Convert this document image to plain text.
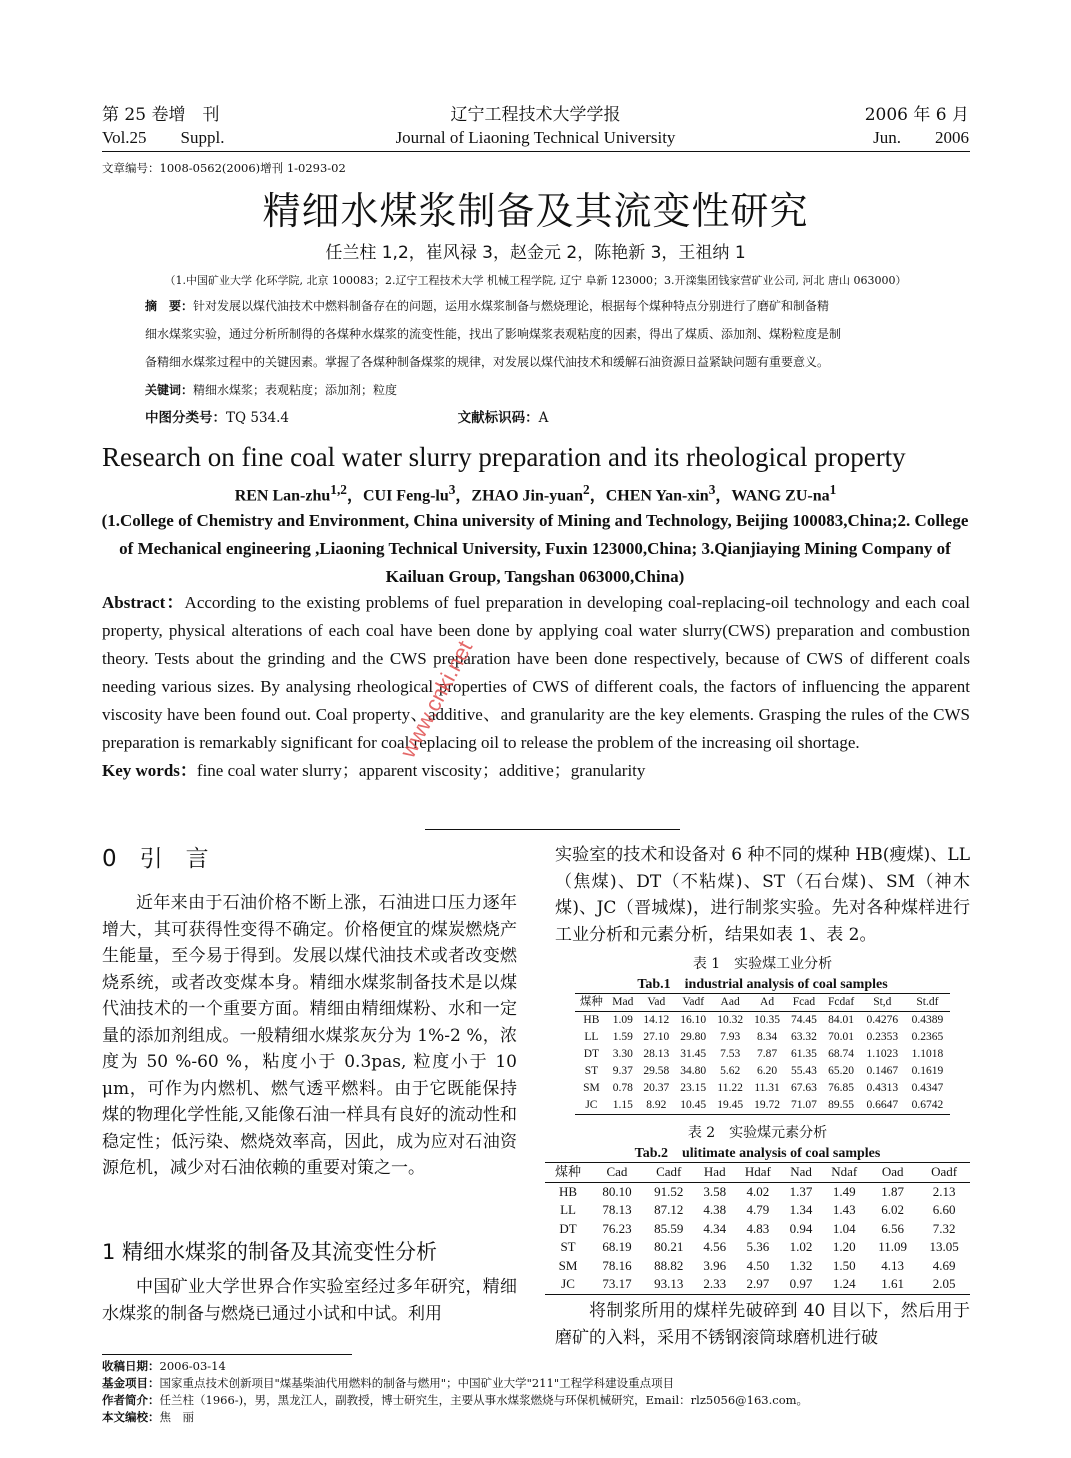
第 25 卷增　刊	辽宁工程技术大学学报	2006 年 6 月
Vol.25　　Suppl.	Journal of Liaoning Technical University	Jun.　　2006
文章编号：1008-0562(2006)增刊 1-0293-02
精细水煤浆制备及其流变性研究
任兰柱 1,2，崔风禄 3，赵金元 2，陈艳新 3，王祖纳 1
（1.中国矿业大学 化环学院, 北京 100083；2.辽宁工程技术大学 机械工程学院, 辽宁 阜新 123000；3.开滦集团钱家营矿业公司, 河北 唐山 063000）
摘　要：针对发展以煤代油技术中燃料制备存在的问题，运用水煤浆制备与燃烧理论，根据每个煤种特点分别进行了磨矿和制备精
细水煤浆实验，通过分析所制得的各煤种水煤浆的流变性能，找出了影响煤浆表观粘度的因素，得出了煤质、添加剂、煤粉粒度是制
备精细水煤浆过程中的关键因素。掌握了各煤种制备煤浆的规律，对发展以煤代油技术和缓解石油资源日益紧缺问题有重要意义。
关键词：精细水煤浆；表观粘度；添加剂；粒度
中图分类号：TQ 534.4	文献标识码：A
Research on fine coal water slurry preparation and its rheological property
REN Lan-zhu$^{1,2}$，CUI Feng-$lu^3$，ZHAO Jin-yuan$^2$，CHEN Yan-xin$^3$，WANG $ZU-na^1$
(1.College of Chemistry and Environment, China university of Mining and Technology, Beijing 100083,China;2. College of Mechanical engineering ,Liaoning Technical University, Fuxin 123000,China; 3.Qianjiaying Mining Company of Kailuan Group, Tangshan 063000,China)
Abstract：According to the existing problems of fuel preparation in developing coal-replacing-oil technology and each coal property, physical alterations of each coal have been done by applying coal water slurry(CWS) preparation and combustion theory. Tests about the grinding and the CWS preparation have been done respectively, because of CWS of different coals needing various sizes. By analysing rheological properties of CWS of different coals, the factors of influencing the apparent viscosity have been found out. Coal property、additive、and granularity are the key elements. Grasping the rules of the CWS preparation is remarkably significant for coal replacing oil to release the problem of the increasing oil shortage.
Key words：fine coal water slurry；apparent viscosity；additive；granularity
0　引　言
近年来由于石油价格不断上涨，石油进口压力逐年增大，其可获得性变得不确定。价格便宜的煤炭燃烧产生能量，至今易于得到。发展以煤代油技术或者改变燃烧系统，或者改变煤本身。精细水煤浆制备技术是以煤代油技术的一个重要方面。精细由精细煤粉、水和一定量的添加剂组成。一般精细水煤浆灰分为 1%-2 %，浓度为 50 %-60 %，粘度小于 0.3pas, 粒度小于 10 μm，可作为内燃机、燃气透平燃料。由于它既能保持煤的物理化学性能,又能像石油一样具有良好的流动性和稳定性；低污染、燃烧效率高，因此，成为应对石油资源危机，减少对石油依赖的重要对策之一。
1 精细水煤浆的制备及其流变性分析
中国矿业大学世界合作实验室经过多年研究，精细水煤浆的制备与燃烧已通过小试和中试。利用
实验室的技术和设备对 6 种不同的煤种 HB(瘦煤)、LL（焦煤)、DT（不粘煤)、ST（石台煤)、SM（神木煤)、JC（晋城煤)，进行制浆实验。先对各种煤样进行工业分析和元素分析，结果如表 1、表 2。
表 1　实验煤工业分析
Tab.1　industrial analysis of coal samples
煤种	Mad	Vad	Vadf	Aad	Ad	Fcad	Fcdaf	St,d	St.df
HB	1.09	14.12	16.10	10.32	10.35	74.45	84.01	0.4276	0.4389
LL	1.59	27.10	29.80	7.93	8.34	63.32	70.01	0.2353	0.2365
DT	3.30	28.13	31.45	7.53	7.87	61.35	68.74	1.1023	1.1018
ST	9.37	29.58	34.80	5.62	6.20	55.43	65.20	0.1467	0.1619
SM	0.78	20.37	23.15	11.22	11.31	67.63	76.85	0.4313	0.4347
JC	1.15	8.92	10.45	19.45	19.72	71.07	89.55	0.6647	0.6742
表 2　实验煤元素分析
Tab.2　ulitimate analysis of coal samples
煤种	Cad	Cadf	Had	Hdaf	Nad	Ndaf	Oad	Oadf
HB	80.10	91.52	3.58	4.02	1.37	1.49	1.87	2.13
LL	78.13	87.12	4.38	4.79	1.34	1.43	6.02	6.60
DT	76.23	85.59	4.34	4.83	0.94	1.04	6.56	7.32
ST	68.19	80.21	4.56	5.36	1.02	1.20	11.09	13.05
SM	78.16	88.82	3.96	4.50	1.32	1.50	4.13	4.69
JC	73.17	93.13	2.33	2.97	0.97	1.24	1.61	2.05
将制浆所用的煤样先破碎到 40 目以下，然后用于磨矿的入料，采用不锈钢滚筒球磨机进行破
收稿日期：2006-03-14
基金项目：国家重点技术创新项目"煤基柴油代用燃料的制备与燃用"；中国矿业大学"211"工程学科建设重点项目
作者简介：任兰柱（1966-)，男，黑龙江人，副教授，博士研究生，主要从事水煤浆燃烧与环保机械研究，Email：rlz5056@163.com。
本文编校：焦　丽
www.cnki.net
